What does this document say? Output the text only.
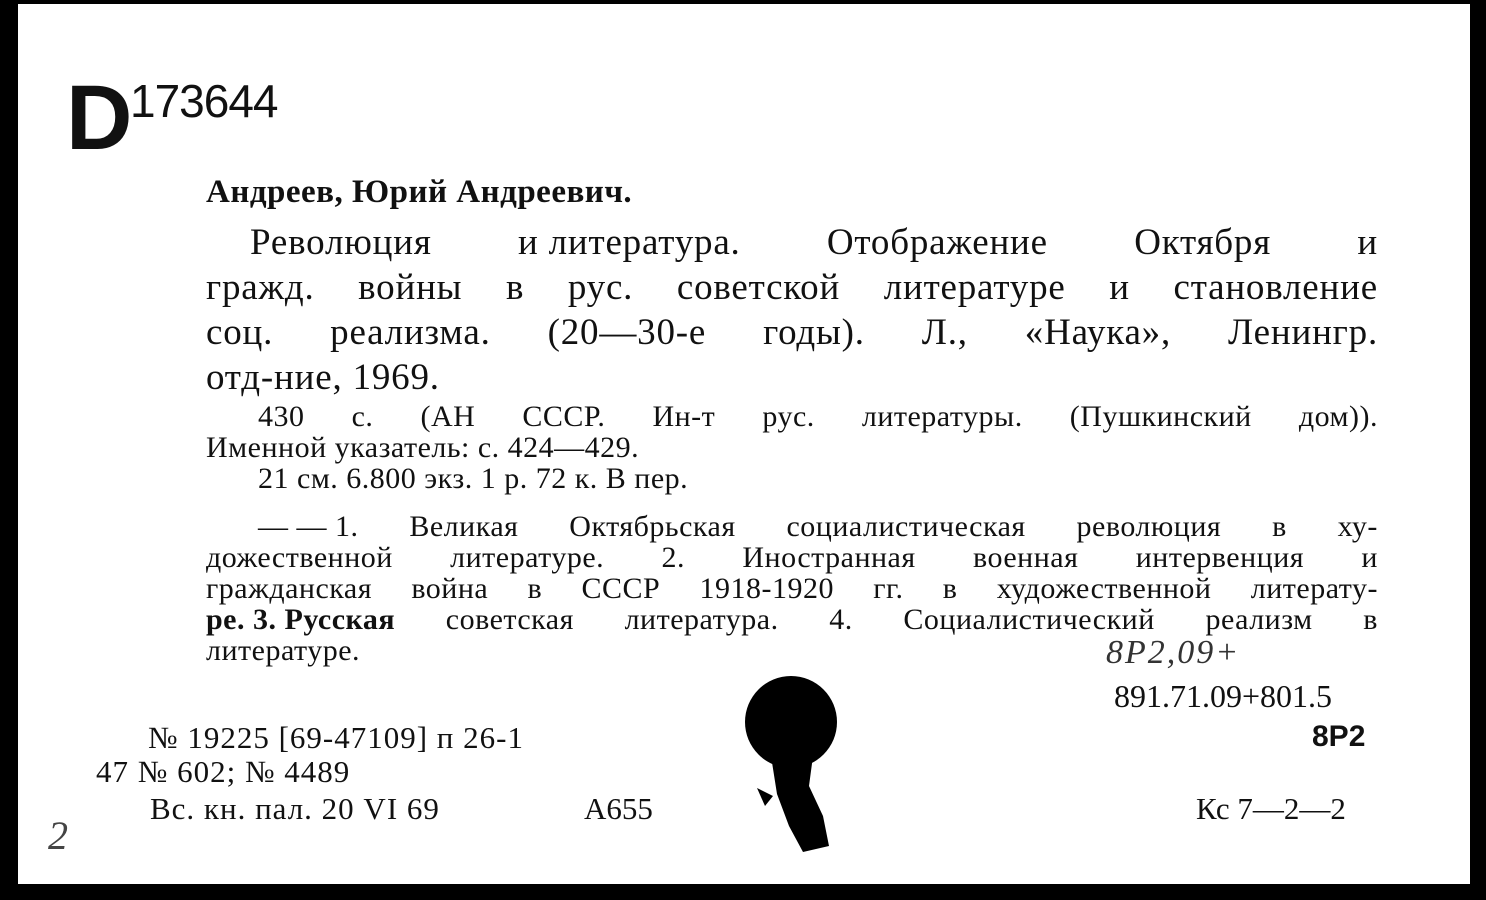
D
173644
Андреев, Юрий Андреевич.
Революция и литература. Отображение Октября и
гражд. войны в рус. советской литературе и становление
соц. реализма. (20—30-е годы). Л., «Наука», Ленингр.
отд-ние, 1969.
430 с. (АН СССР. Ин-т рус. литературы. (Пушкинский дом)).
Именной указатель: с. 424—429.
21 см. 6.800 экз. 1 р. 72 к. В пер.
— — 1. Великая Октябрьская социалистическая революция в ху-
дожественной литературе. 2. Иностранная военная интервенция и
гражданская война в СССР 1918-1920 гг. в художественной литерату-
ре. 3. Русская советская литература. 4. Социалистический реализм в
литературе.	8Р2,09+
891.71.09+801.5
8Р2
№ 19225 [69-47109] п 26-1
47 № 602; № 4489
Вс. кн. пал. 20 VI 69	А655	Кс 7—2—2
2
